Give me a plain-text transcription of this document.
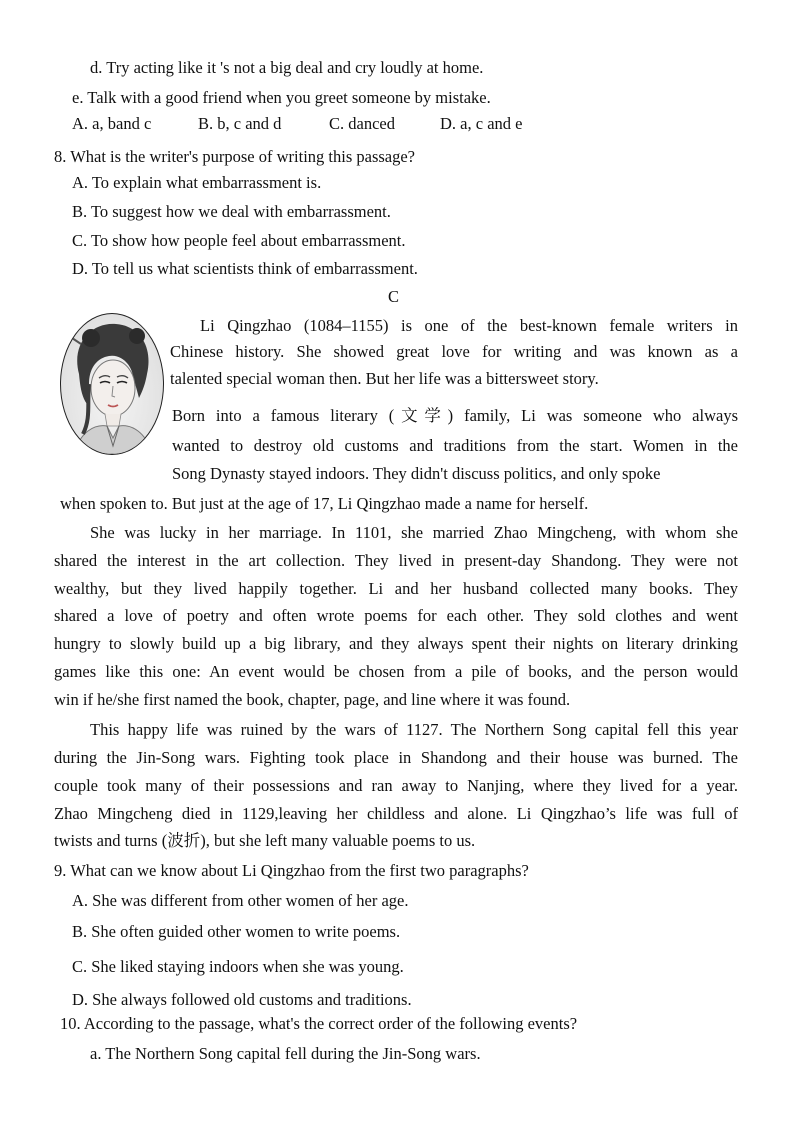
d. Try acting like it 's not a big deal and cry loudly at home.
e. Talk with a good friend when you greet someone by mistake.
A. a, band c	B. b, c and d	C. danced	D. a, c and e
8. What is the writer's purpose of writing this passage?
A. To explain what embarrassment is.
B. To suggest how we deal with embarrassment.
C. To show how people feel about embarrassment.
D. To tell us what scientists think of embarrassment.
C
Li Qingzhao (1084–1155) is one of the best-known female writers in
Chinese history. She showed great love for writing and was known as a
talented special woman then. But her life was a bittersweet story.
Born into a famous literary (文学) family, Li was someone who always
wanted to destroy old customs and traditions from the start. Women in the
Song Dynasty stayed indoors. They didn't discuss politics, and only spoke
when spoken to. But just at the age of 17, Li Qingzhao made a name for herself.
She was lucky in her marriage. In 1101, she married Zhao Mingcheng, with whom she
shared the interest in the art collection. They lived in present-day Shandong. They were not
wealthy, but they lived happily together. Li and her husband collected many books. They
shared a love of poetry and often wrote poems for each other. They sold clothes and went
hungry to slowly build up a big library, and they always spent their nights on literary drinking
games like this one: An event would be chosen from a pile of books, and the person would
win if he/she first named the book, chapter, page, and line where it was found.
This happy life was ruined by the wars of 1127. The Northern Song capital fell this year
during the Jin-Song wars. Fighting took place in Shandong and their house was burned. The
couple took many of their possessions and ran away to Nanjing, where they lived for a year.
Zhao Mingcheng died in 1129,leaving her childless and alone. Li Qingzhao’s life was full of
twists and turns (波折), but she left many valuable poems to us.
9. What can we know about Li Qingzhao from the first two paragraphs?
A. She was different from other women of her age.
B. She often guided other women to write poems.
C. She liked staying indoors when she was young.
D. She always followed old customs and traditions.
10. According to the passage, what's the correct order of the following events?
a. The Northern Song capital fell during the Jin-Song wars.
